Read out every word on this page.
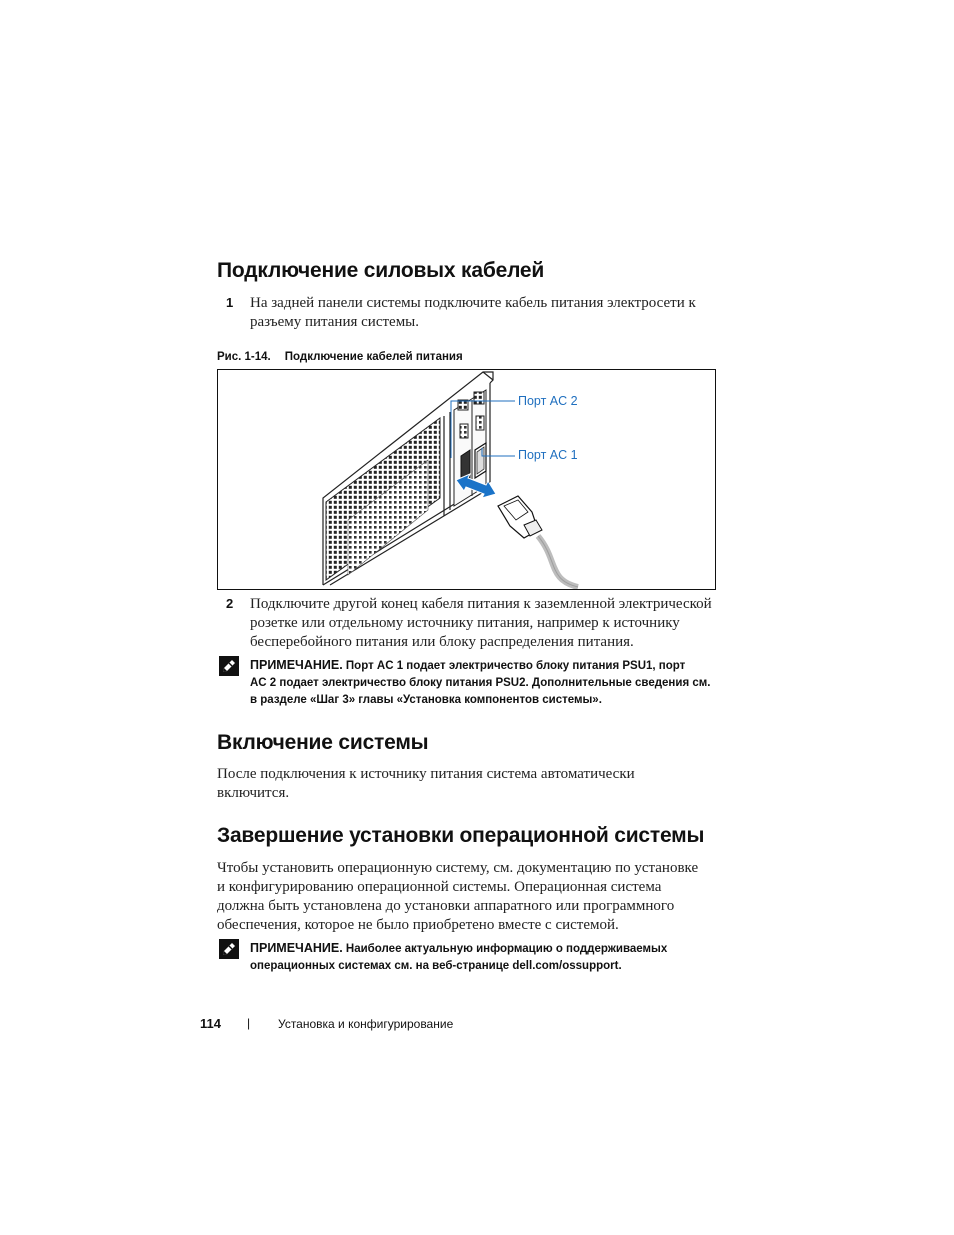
Подключение силовых кабелей
1 На задней панели системы подключите кабель питания электросети к
разъему питания системы.
Рис. 1-14. Подключение кабелей питания
Порт AC 2
Порт AC 1
2 Подключите другой конец кабеля питания к заземленной электрической
розетке или отдельному источнику питания, например к источнику
бесперебойного питания или блоку распределения питания.
ПРИМЕЧАНИЕ. Порт AC 1 подает электричество блоку питания PSU1, порт
AC 2 подает электричество блоку питания PSU2. Дополнительные сведения см.
в разделе «Шаг 3» главы «Установка компонентов системы».
Включение системы
После подключения к источнику питания система автоматически
включится.
Завершение установки операционной системы
Чтобы установить операционную систему, см. документацию по установке
и конфигурированию операционной системы. Операционная система
должна быть установлена до установки аппаратного или программного
обеспечения, которое не было приобретено вместе с системой.
ПРИМЕЧАНИЕ. Наиболее актуальную информацию о поддерживаемых
операционных системах см. на веб-странице dell.com/ossupport.
114 | Установка и конфигурирование
